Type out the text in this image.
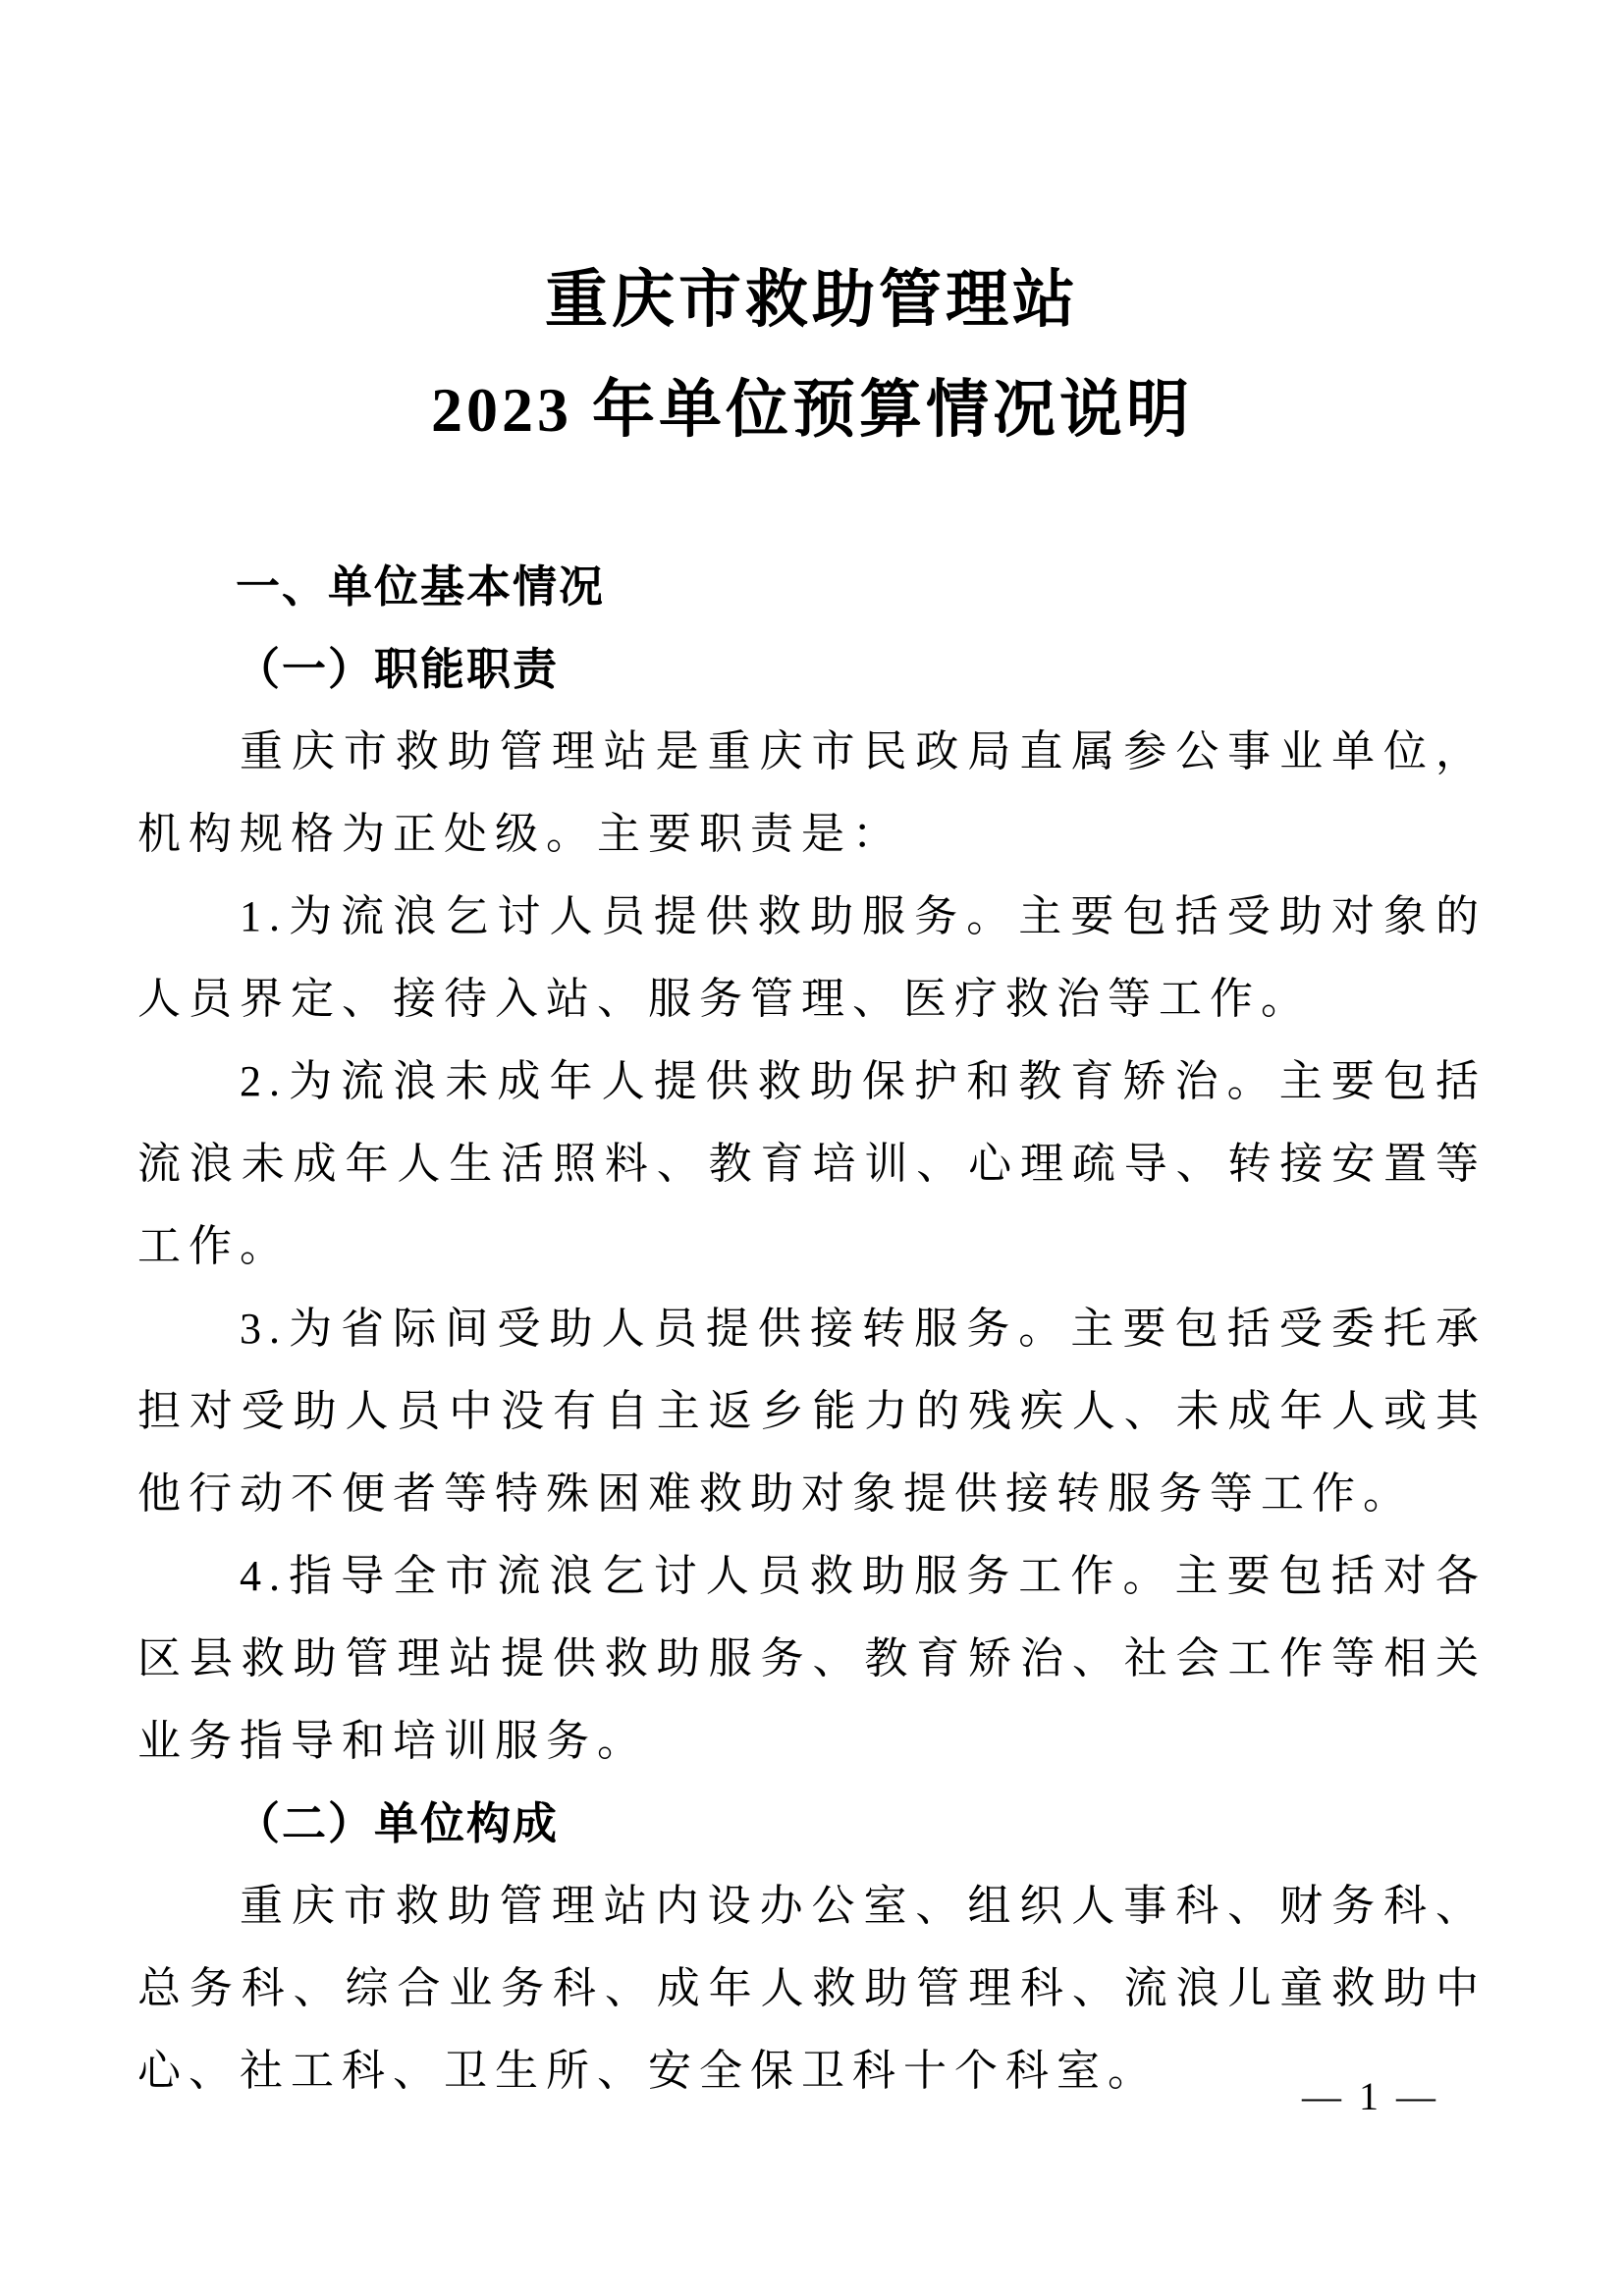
重庆市救助管理站
2023 年单位预算情况说明
一、单位基本情况
（一）职能职责
重庆市救助管理站是重庆市民政局直属参公事业单位，机构规格为正处级。主要职责是：
1.为流浪乞讨人员提供救助服务。主要包括受助对象的人员界定、接待入站、服务管理、医疗救治等工作。
2.为流浪未成年人提供救助保护和教育矫治。主要包括流浪未成年人生活照料、教育培训、心理疏导、转接安置等工作。
3.为省际间受助人员提供接转服务。主要包括受委托承担对受助人员中没有自主返乡能力的残疾人、未成年人或其他行动不便者等特殊困难救助对象提供接转服务等工作。
4.指导全市流浪乞讨人员救助服务工作。主要包括对各区县救助管理站提供救助服务、教育矫治、社会工作等相关业务指导和培训服务。
（二）单位构成
重庆市救助管理站内设办公室、组织人事科、财务科、总务科、综合业务科、成年人救助管理科、流浪儿童救助中心、社工科、卫生所、安全保卫科十个科室。
— 1 —
